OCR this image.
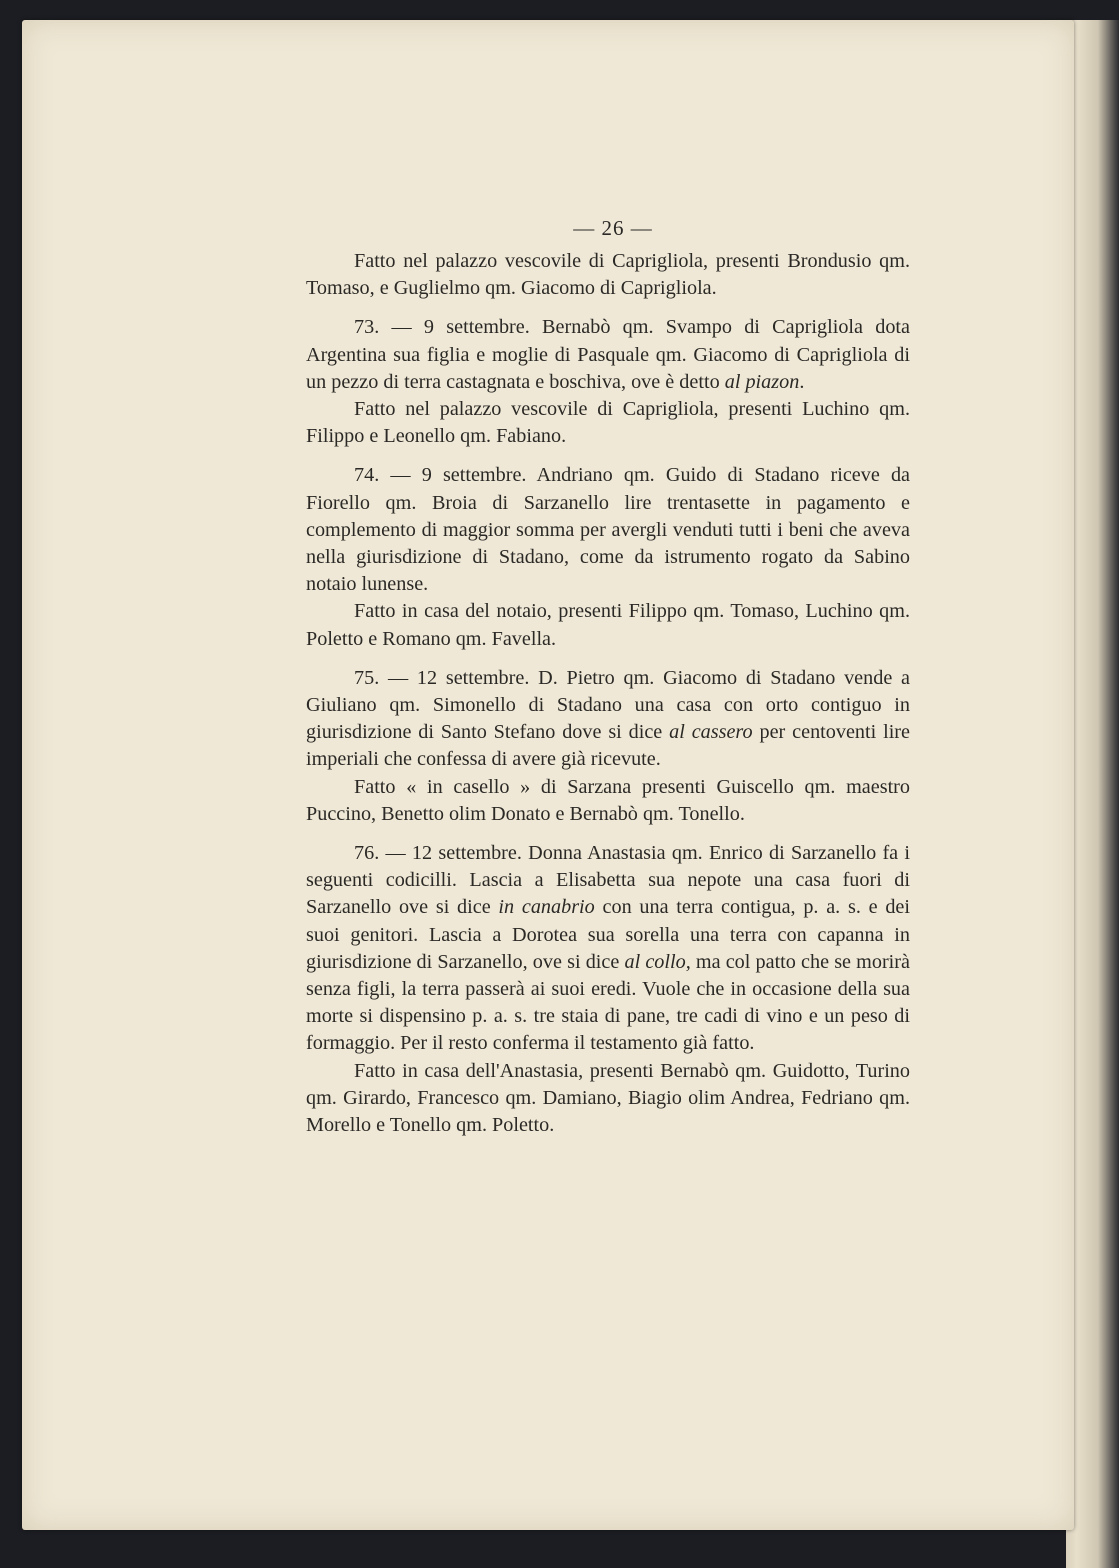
— 26 —

Fatto nel palazzo vescovile di Caprigliola, presenti Brondusio qm. Tomaso, e Guglielmo qm. Giacomo di Caprigliola.

73. — 9 settembre. Bernabò qm. Svampo di Caprigliola dota Argentina sua figlia e moglie di Pasquale qm. Giacomo di Caprigliola di un pezzo di terra castagnata e boschiva, ove è detto al piazon.

Fatto nel palazzo vescovile di Caprigliola, presenti Luchino qm. Filippo e Leonello qm. Fabiano.

74. — 9 settembre. Andriano qm. Guido di Stadano riceve da Fiorello qm. Broia di Sarzanello lire trentasette in pagamento e complemento di maggior somma per avergli venduti tutti i beni che aveva nella giurisdizione di Stadano, come da istrumento rogato da Sabino notaio lunense.

Fatto in casa del notaio, presenti Filippo qm. Tomaso, Luchino qm. Poletto e Romano qm. Favella.

75. — 12 settembre. D. Pietro qm. Giacomo di Stadano vende a Giuliano qm. Simonello di Stadano una casa con orto contiguo in giurisdizione di Santo Stefano dove si dice al cassero per centoventi lire imperiali che confessa di avere già ricevute.

Fatto « in casello » di Sarzana presenti Guiscello qm. maestro Puccino, Benetto olim Donato e Bernabò qm. Tonello.

76. — 12 settembre. Donna Anastasia qm. Enrico di Sarzanello fa i seguenti codicilli. Lascia a Elisabetta sua nepote una casa fuori di Sarzanello ove si dice in canabrio con una terra contigua, p. a. s. e dei suoi genitori. Lascia a Dorotea sua sorella una terra con capanna in giurisdizione di Sarzanello, ove si dice al collo, ma col patto che se morirà senza figli, la terra passerà ai suoi eredi. Vuole che in occasione della sua morte si dispensino p. a. s. tre staia di pane, tre cadi di vino e un peso di formaggio. Per il resto conferma il testamento già fatto.

Fatto in casa dell'Anastasia, presenti Bernabò qm. Guidotto, Turino qm. Girardo, Francesco qm. Damiano, Biagio olim Andrea, Fedriano qm. Morello e Tonello qm. Poletto.
